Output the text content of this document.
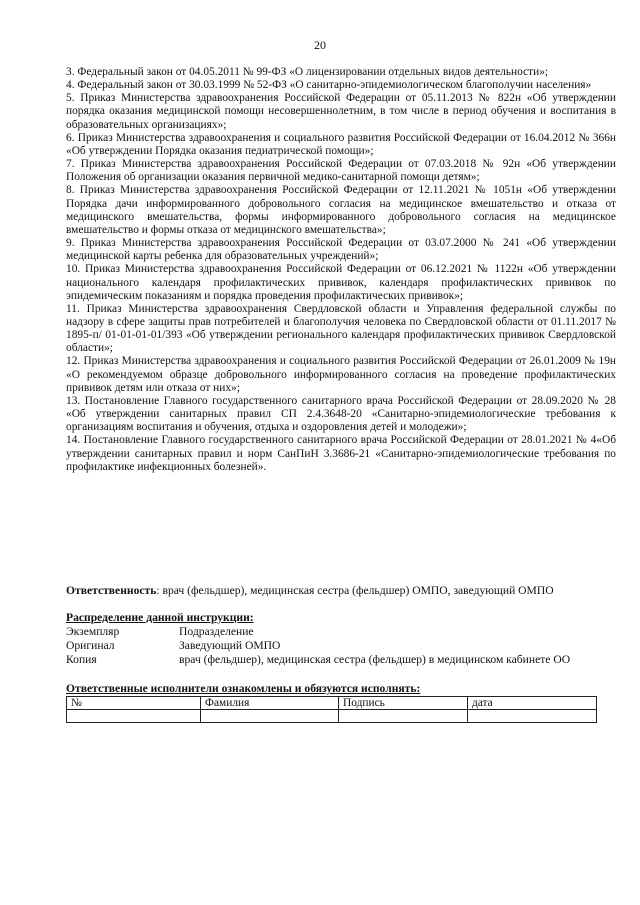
20

3. Федеральный закон от 04.05.2011 № 99-ФЗ «О лицензировании отдельных видов деятельности»;

4. Федеральный закон от 30.03.1999 № 52-ФЗ «О санитарно-эпидемиологическом благополучии населения»

5. Приказ Министерства здравоохранения Российской Федерации от 05.11.2013 № 822н «Об утверждении порядка оказания медицинской помощи несовершеннолетним, в том числе в период обучения и воспитания в образовательных организациях»;

6. Приказ Министерства здравоохранения и социального развития Российской Федерации от 16.04.2012 № 366н «Об утверждении Порядка оказания педиатрической помощи»;

7. Приказ Министерства здравоохранения Российской Федерации от 07.03.2018 № 92н «Об утверждении Положения об организации оказания первичной медико-санитарной помощи детям»;

8. Приказ Министерства здравоохранения Российской Федерации от 12.11.2021 № 1051н «Об утверждении Порядка дачи информированного добровольного согласия на медицинское вмешательство и отказа от медицинского вмешательства, формы информированного добровольного согласия на медицинское вмешательство и формы отказа от медицинского вмешательства»;

9. Приказ Министерства здравоохранения Российской Федерации от 03.07.2000 № 241 «Об утверждении медицинской карты ребенка для образовательных учреждений»;

10. Приказ Министерства здравоохранения Российской Федерации от 06.12.2021 № 1122н «Об утверждении национального календаря профилактических прививок, календаря профилактических прививок по эпидемическим показаниям и порядка проведения профилактических прививок»;

11. Приказ Министерства здравоохранения Свердловской области и Управления федеральной службы по надзору в сфере защиты прав потребителей и благополучия человека по Свердловской области от 01.11.2017 № 1895-п/ 01-01-01-01/393 «Об утверждении регионального календаря профилактических прививок Свердловской области»;

12. Приказ Министерства здравоохранения и социального развития Российской Федерации от 26.01.2009 № 19н «О рекомендуемом образце добровольного информированного согласия на проведение профилактических прививок детям или отказа от них»;

13. Постановление Главного государственного санитарного врача Российской Федерации от 28.09.2020 № 28 «Об утверждении санитарных правил СП 2.4.3648-20 «Санитарно-эпидемиологические требования к организациям воспитания и обучения, отдыха и оздоровления детей и молодежи»;

14. Постановление Главного государственного санитарного врача Российской Федерации от 28.01.2021 № 4«Об утверждении санитарных правил и норм СанПиН 3.3686-21 «Санитарно-эпидемиологические требования по профилактике инфекционных болезней».

Ответственность: врач (фельдшер), медицинская сестра (фельдшер) ОМПО, заведующий ОМПО
Распределение данной инструкции:
Экземпляр	Подразделение
Оригинал	Заведующий ОМПО
Копия	врач (фельдшер), медицинская сестра (фельдшер) в медицинском кабинете ОО
Ответственные исполнители ознакомлены и обязуются исполнять:
№	Фамилия	Подпись	дата
